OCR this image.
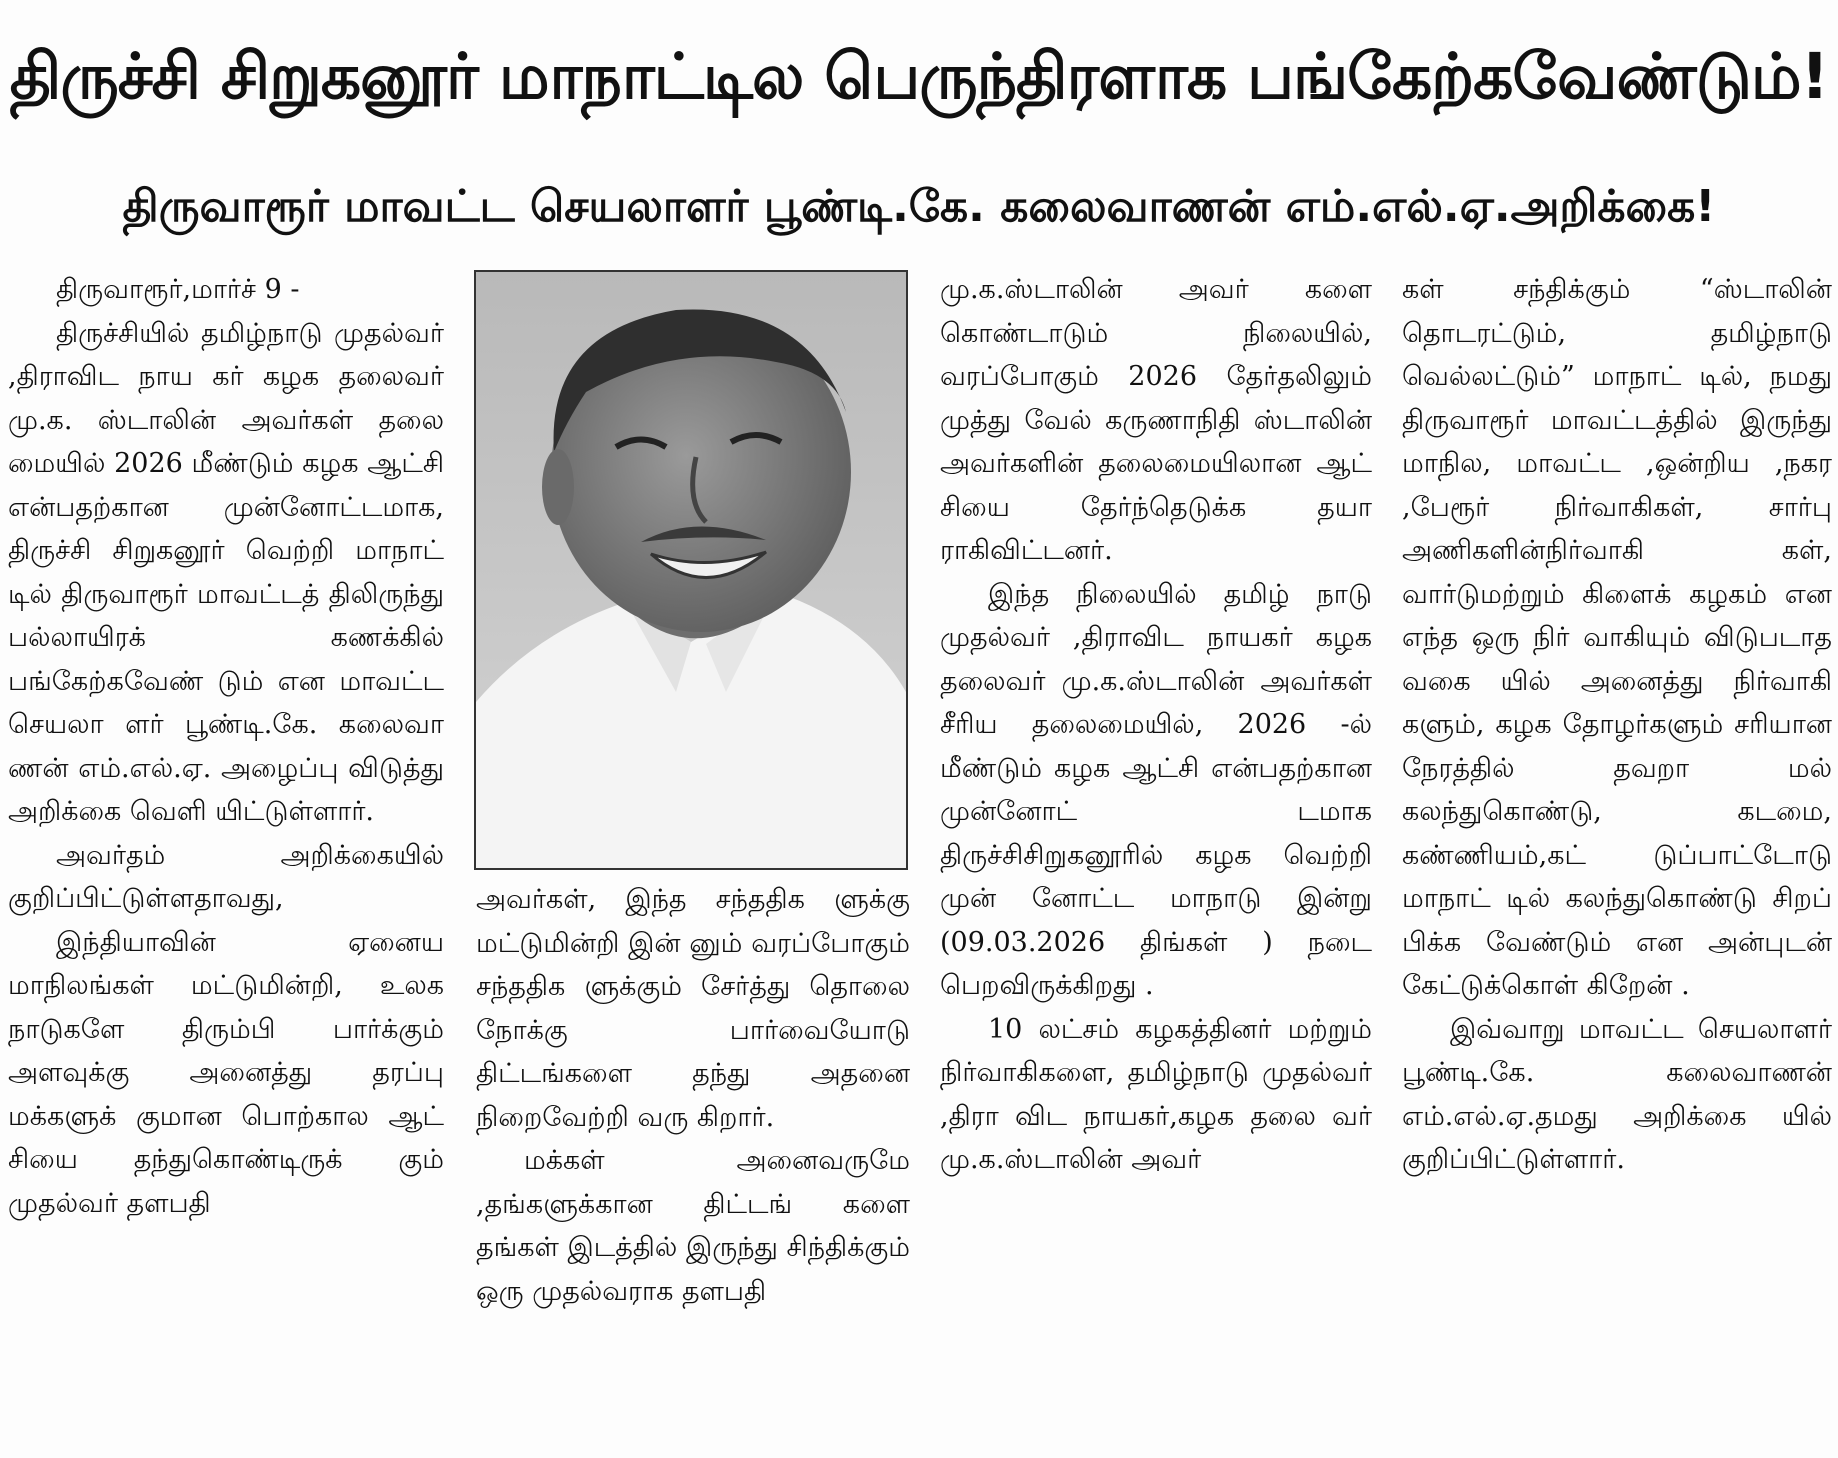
திருச்சி சிறுகனூர் மாநாட்டில பெருந்திரளாக பங்கேற்கவேண்டும்!
திருவாரூர் மாவட்ட செயலாளர் பூண்டி.கே. கலைவாணன் எம்.எல்.ஏ.அறிக்கை!

திருவாரூர்,மார்ச் 9 -

திருச்சியில் தமிழ்நாடு முதல்வர் ,திராவிட நாய கர் கழக தலைவர் மு.க. ஸ்டாலின் அவர்கள் தலை மையில் 2026 மீண்டும் கழக ஆட்சி என்பதற்கான முன்னோட்டமாக, திருச்சி சிறுகனூர் வெற்றி மாநாட் டில் திருவாரூர் மாவட்டத் திலிருந்து பல்லாயிரக் கணக்கில் பங்கேற்கவேண் டும் என மாவட்ட செயலா ளர் பூண்டி.கே. கலைவா ணன் எம்.எல்.ஏ. அழைப்பு விடுத்து அறிக்கை வெளி யிட்டுள்ளார்.

அவர்தம் அறிக்கையில் குறிப்பிட்டுள்ளதாவது,

இந்தியாவின் ஏனைய மாநிலங்கள் மட்டுமின்றி, உலக நாடுகளே திரும்பி பார்க்கும் அளவுக்கு அனைத்து தரப்பு மக்களுக் குமான பொற்கால ஆட் சியை தந்துகொண்டிருக் கும் முதல்வர் தளபதி

அவர்கள், இந்த சந்ததிக ளுக்கு மட்டுமின்றி இன் னும் வரப்போகும் சந்ததிக ளுக்கும் சேர்த்து தொலை நோக்கு பார்வையோடு திட்டங்களை தந்து அதனை நிறைவேற்றி வரு கிறார்.

மக்கள் அனைவருமே ,தங்களுக்கான திட்டங் களை தங்கள் இடத்தில் இருந்து சிந்திக்கும் ஒரு முதல்வராக தளபதி

மு.க.ஸ்டாலின் அவர் களை கொண்டாடும் நிலையில், வரப்போகும் 2026 தேர்தலிலும் முத்து வேல் கருணாநிதி ஸ்டாலின் அவர்களின் தலைமையிலான ஆட் சியை தேர்ந்தெடுக்க தயா ராகிவிட்டனர்.

இந்த நிலையில் தமிழ் நாடு முதல்வர் ,திராவிட நாயகர் கழக தலைவர் மு.க.ஸ்டாலின் அவர்கள் சீரிய தலைமையில், 2026 -ல் மீண்டும் கழக ஆட்சி என்பதற்கான முன்னோட் டமாக திருச்சிசிறுகனூரில் கழக வெற்றி முன் னோட்ட மாநாடு இன்று (09.03.2026 திங்கள் ) நடை பெறவிருக்கிறது .

10 லட்சம் கழகத்தினர் மற்றும் நிர்வாகிகளை, தமிழ்நாடு முதல்வர் ,திரா விட நாயகர்,கழக தலை வர் மு.க.ஸ்டாலின் அவர்

கள் சந்திக்கும் “ஸ்டாலின் தொடரட்டும், தமிழ்நாடு வெல்லட்டும்” மாநாட் டில், நமது திருவாரூர் மாவட்டத்தில் இருந்து மாநில, மாவட்ட ,ஒன்றிய ,நகர ,பேரூர் நிர்வாகிகள், சார்பு அணிகளின்நிர்வாகி கள், வார்டுமற்றும் கிளைக் கழகம் என எந்த ஒரு நிர் வாகியும் விடுபடாத வகை யில் அனைத்து நிர்வாகி களும், கழக தோழர்களும் சரியான நேரத்தில் தவறா மல் கலந்துகொண்டு, கடமை, கண்ணியம்,கட் டுப்பாட்டோடு மாநாட் டில் கலந்துகொண்டு சிறப் பிக்க வேண்டும் என அன்புடன் கேட்டுக்கொள் கிறேன் .

இவ்வாறு மாவட்ட செயலாளர் பூண்டி.கே. கலைவாணன் எம்.எல்.ஏ.தமது அறிக்கை யில் குறிப்பிட்டுள்ளார்.
